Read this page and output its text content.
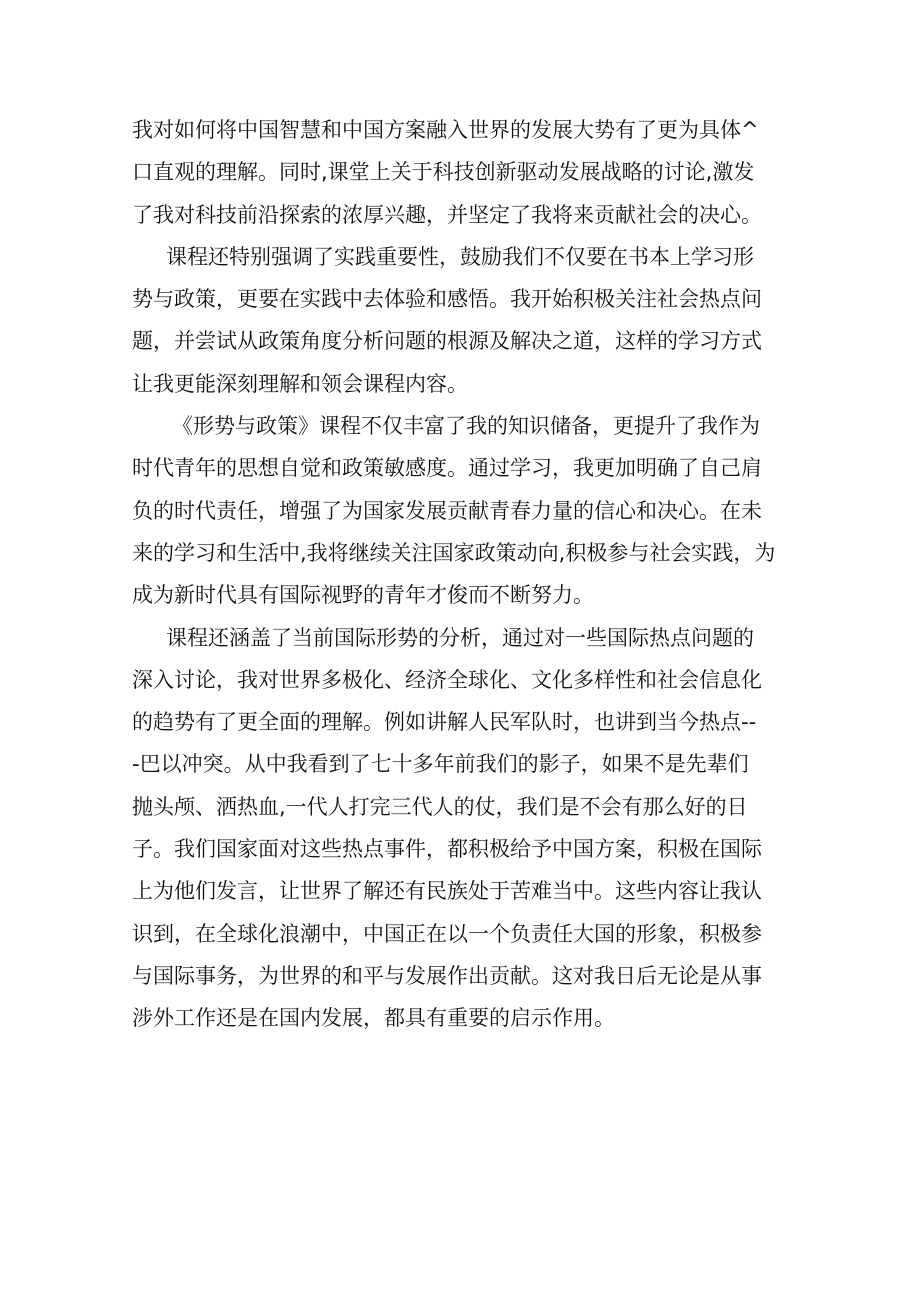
我对如何将中国智慧和中国方案融入世界的发展大势有了更为具体^
口直观的理解。同时,课堂上关于科技创新驱动发展战略的讨论,激发
了我对科技前沿探索的浓厚兴趣，并坚定了我将来贡献社会的决心。
课程还特别强调了实践重要性，鼓励我们不仅要在书本上学习形
势与政策，更要在实践中去体验和感悟。我开始积极关注社会热点问
题，并尝试从政策角度分析问题的根源及解决之道，这样的学习方式
让我更能深刻理解和领会课程内容。
《形势与政策》课程不仅丰富了我的知识储备，更提升了我作为
时代青年的思想自觉和政策敏感度。通过学习，我更加明确了自己肩
负的时代责任，增强了为国家发展贡献青春力量的信心和决心。在未
来的学习和生活中,我将继续关注国家政策动向,积极参与社会实践，为
成为新时代具有国际视野的青年才俊而不断努力。
课程还涵盖了当前国际形势的分析，通过对一些国际热点问题的
深入讨论，我对世界多极化、经济全球化、文化多样性和社会信息化
的趋势有了更全面的理解。例如讲解人民军队时，也讲到当今热点--
-巴以冲突。从中我看到了七十多年前我们的影子，如果不是先辈们
抛头颅、洒热血,一代人打完三代人的仗，我们是不会有那么好的日
子。我们国家面对这些热点事件，都积极给予中国方案，积极在国际
上为他们发言，让世界了解还有民族处于苦难当中。这些内容让我认
识到，在全球化浪潮中，中国正在以一个负责任大国的形象，积极参
与国际事务，为世界的和平与发展作出贡献。这对我日后无论是从事
涉外工作还是在国内发展，都具有重要的启示作用。
